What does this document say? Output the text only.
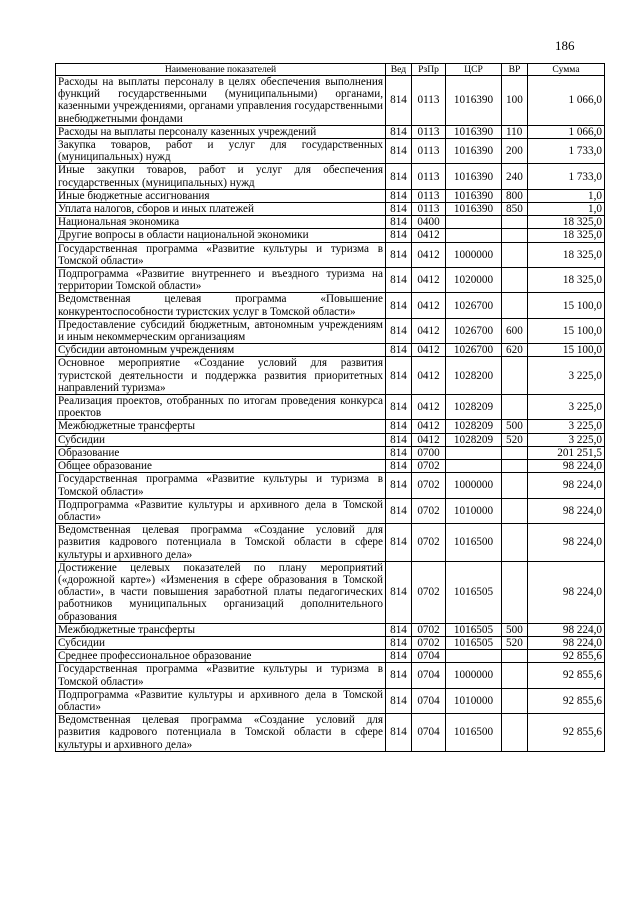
186
Наименование показателей	Вед	РзПр	ЦСР	ВР	Сумма
Расходы на выплаты персоналу в целях обеспечения выполнения функций государственными (муниципальными) органами, казенными учреждениями, органами управления государственными внебюджетными фондами	814	0113	1016390	100	1 066,0
Расходы на выплаты персоналу казенных учреждений	814	0113	1016390	110	1 066,0
Закупка товаров, работ и услуг для государственных (муниципальных) нужд	814	0113	1016390	200	1 733,0
Иные закупки товаров, работ и услуг для обеспечения государственных (муниципальных) нужд	814	0113	1016390	240	1 733,0
Иные бюджетные ассигнования	814	0113	1016390	800	1,0
Уплата налогов, сборов и иных платежей	814	0113	1016390	850	1,0
Национальная экономика	814	0400			18 325,0
Другие вопросы в области национальной экономики	814	0412			18 325,0
Государственная программа «Развитие культуры и туризма в Томской области»	814	0412	1000000		18 325,0
Подпрограмма «Развитие внутреннего и въездного туризма на территории Томской области»	814	0412	1020000		18 325,0
Ведомственная целевая программа «Повышение конкурентоспособности туристских услуг в Томской области»	814	0412	1026700		15 100,0
Предоставление субсидий бюджетным, автономным учреждениям и иным некоммерческим организациям	814	0412	1026700	600	15 100,0
Субсидии автономным учреждениям	814	0412	1026700	620	15 100,0
Основное мероприятие «Создание условий для развития туристской деятельности и поддержка развития приоритетных направлений туризма»	814	0412	1028200		3 225,0
Реализация проектов, отобранных по итогам проведения конкурса проектов	814	0412	1028209		3 225,0
Межбюджетные трансферты	814	0412	1028209	500	3 225,0
Субсидии	814	0412	1028209	520	3 225,0
Образование	814	0700			201 251,5
Общее образование	814	0702			98 224,0
Государственная программа «Развитие культуры и туризма в Томской области»	814	0702	1000000		98 224,0
Подпрограмма «Развитие культуры и архивного дела в Томской области»	814	0702	1010000		98 224,0
Ведомственная целевая программа «Создание условий для развития кадрового потенциала в Томской области в сфере культуры и архивного дела»	814	0702	1016500		98 224,0
Достижение целевых показателей по плану мероприятий («дорожной карте») «Изменения в сфере образования в Томской области», в части повышения заработной платы педагогических работников муниципальных организаций дополнительного образования	814	0702	1016505		98 224,0
Межбюджетные трансферты	814	0702	1016505	500	98 224,0
Субсидии	814	0702	1016505	520	98 224,0
Среднее профессиональное образование	814	0704			92 855,6
Государственная программа «Развитие культуры и туризма в Томской области»	814	0704	1000000		92 855,6
Подпрограмма «Развитие культуры и архивного дела в Томской области»	814	0704	1010000		92 855,6
Ведомственная целевая программа «Создание условий для развития кадрового потенциала в Томской области в сфере культуры и архивного дела»	814	0704	1016500		92 855,6
